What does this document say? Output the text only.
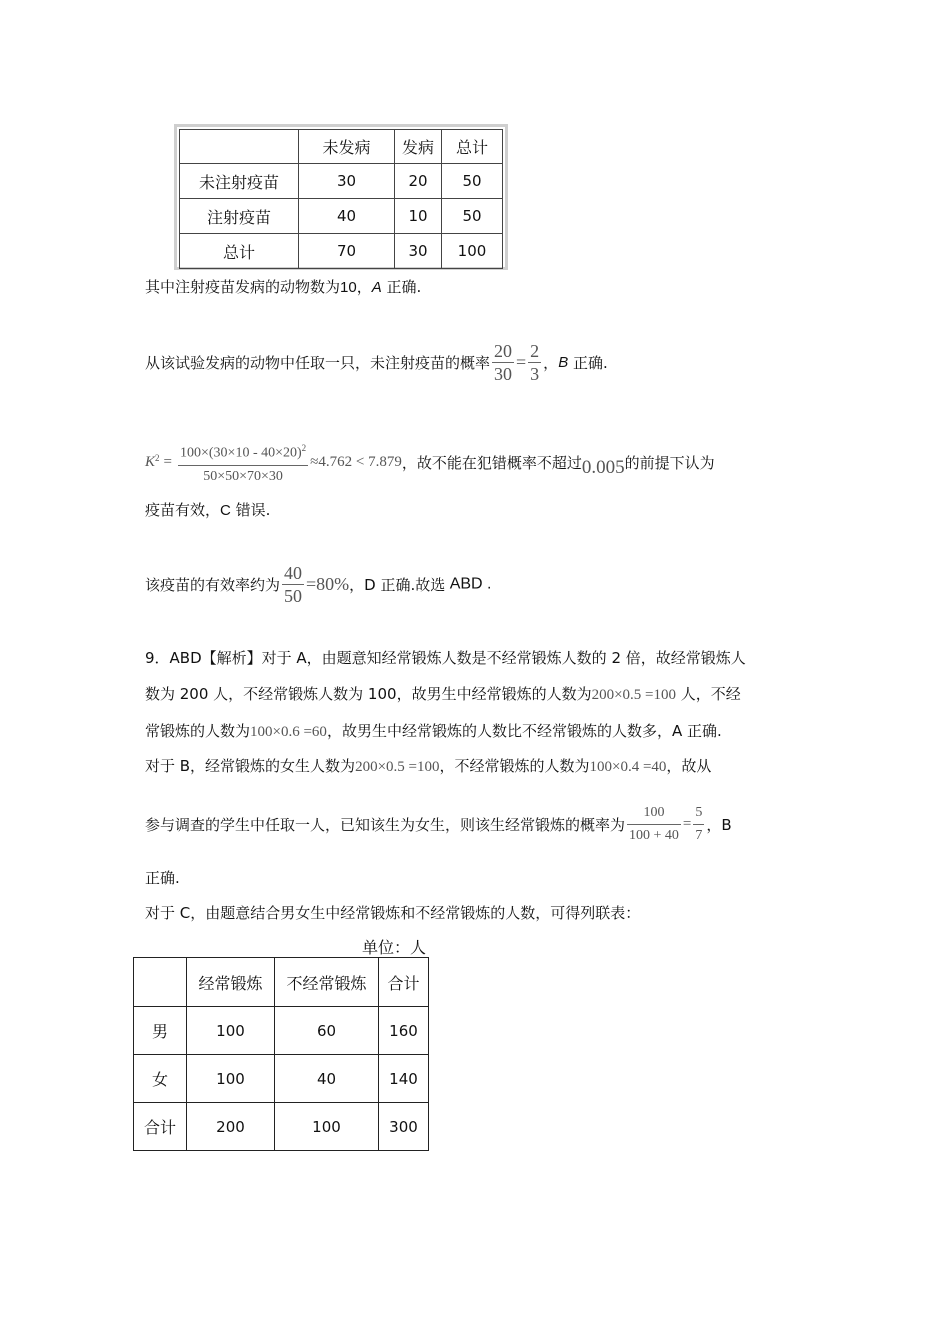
	未发病	发病	总计
未注射疫苗	30	20	50
注射疫苗	40	10	50
总计	70	30	100
其中注射疫苗发病的动物数为10，A 正确.
从该试验发病的动物中任取一只，未注射疫苗的概率 $\frac{20}{30} = \frac{2}{3}$ ，B 正确.
$K^2 = \frac{100\times(30\times 10 - 40\times 20)^2}{50\times 50\times 70\times 30} \approx 4.762 < 7.879$，故不能在犯错概率不超过0.005的前提下认为
疫苗有效，C 错误.
该疫苗的有效率约为 $\frac{40}{50} =80\%$，D 正确.故选 ABD .
9．ABD【解析】对于 A，由题意知经常锻炼人数是不经常锻炼人数的 2 倍，故经常锻炼人
数为 200 人，不经常锻炼人数为 100，故男生中经常锻炼的人数为200×0.5 =100 人，不经
常锻炼的人数为100×0.6 =60，故男生中经常锻炼的人数比不经常锻炼的人数多，A 正确.
对于 B，经常锻炼的女生人数为200×0.5 =100，不经常锻炼的人数为100×0.4 =40，故从
参与调查的学生中任取一人，已知该生为女生，则该生经常锻炼的概率为 $\frac{100}{100 + 40} = \frac{5}{7}$ ，B
正确.
对于 C，由题意结合男女生中经常锻炼和不经常锻炼的人数，可得列联表：
单位：人
	经常锻炼	不经常锻炼	合计
男	100	60	160
女	100	40	140
合计	200	100	300
